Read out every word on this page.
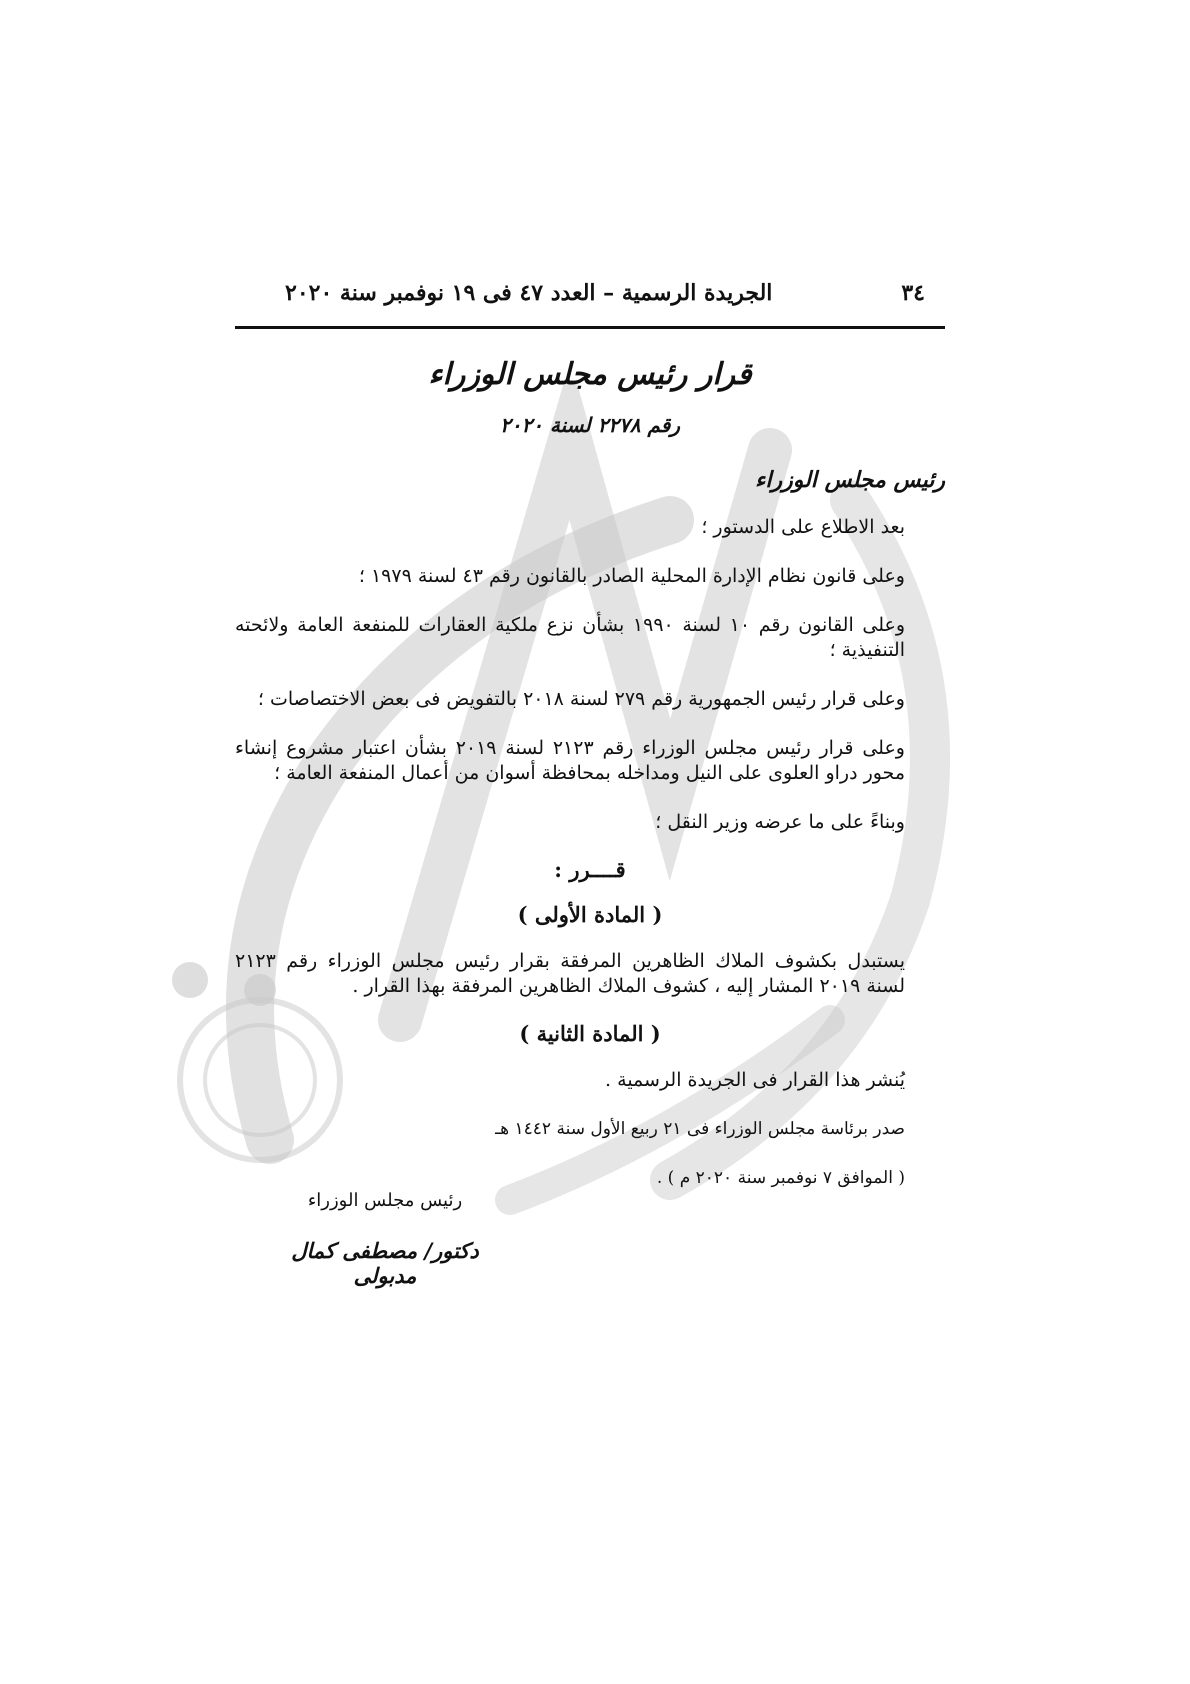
٣٤
الجريدة الرسمية – العدد ٤٧ فى ١٩ نوفمبر سنة ٢٠٢٠
قرار رئيس مجلس الوزراء
رقم ٢٢٧٨ لسنة ٢٠٢٠
رئيس مجلس الوزراء

بعد الاطلاع على الدستور ؛

وعلى قانون نظام الإدارة المحلية الصادر بالقانون رقم ٤٣ لسنة ١٩٧٩ ؛

وعلى القانون رقم ١٠ لسنة ١٩٩٠ بشأن نزع ملكية العقارات للمنفعة العامة ولائحته التنفيذية ؛

وعلى قرار رئيس الجمهورية رقم ٢٧٩ لسنة ٢٠١٨ بالتفويض فى بعض الاختصاصات ؛

وعلى قرار رئيس مجلس الوزراء رقم ٢١٢٣ لسنة ٢٠١٩ بشأن اعتبار مشروع إنشاء محور دراو العلوى على النيل ومداخله بمحافظة أسوان من أعمال المنفعة العامة ؛

وبناءً على ما عرضه وزير النقل ؛

قــــرر :

( المادة الأولى )

يستبدل بكشوف الملاك الظاهرين المرفقة بقرار رئيس مجلس الوزراء رقم ٢١٢٣ لسنة ٢٠١٩ المشار إليه ، كشوف الملاك الظاهرين المرفقة بهذا القرار .

( المادة الثانية )

يُنشر هذا القرار فى الجريدة الرسمية .

صدر برئاسة مجلس الوزراء فى ٢١ ربيع الأول سنة ١٤٤٢ هـ

( الموافق ٧ نوفمبر سنة ٢٠٢٠ م ) .

رئيس مجلس الوزراء
دكتور/ مصطفى كمال مدبولى
